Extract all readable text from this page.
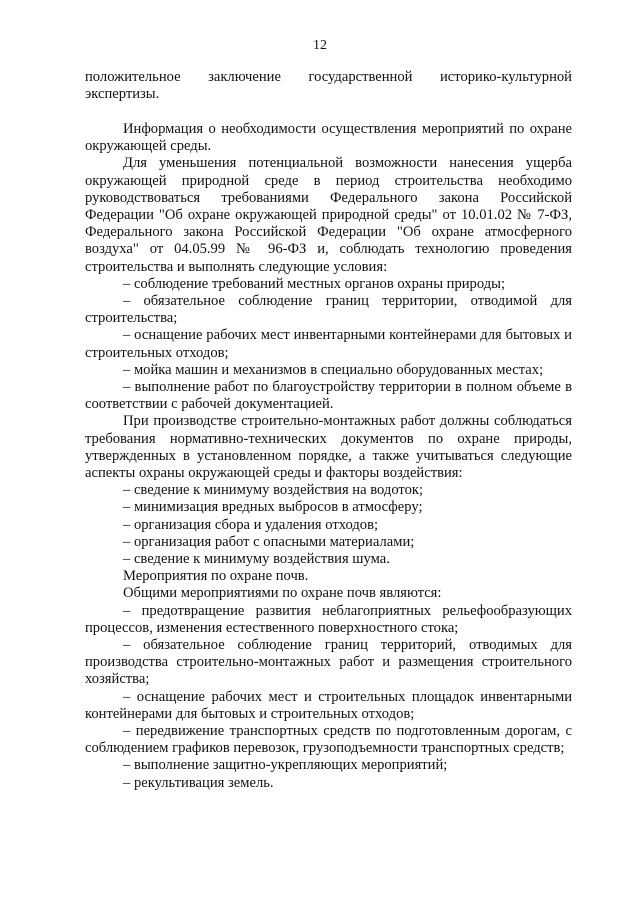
12

положительное заключение государственной историко-культурной экспертизы.

Информация о необходимости осуществления мероприятий по охране окружающей среды.

Для уменьшения потенциальной возможности нанесения ущерба окружающей природной среде в период строительства необходимо руководствоваться требованиями Федерального закона Российской Федерации "Об охране окружающей природной среды" от 10.01.02 № 7-ФЗ, Федерального закона Российской Федерации "Об охране атмосферного воздуха" от 04.05.99 № 96-ФЗ и, соблюдать технологию проведения строительства и выполнять следующие условия:

– соблюдение требований местных органов охраны природы;

– обязательное соблюдение границ территории, отводимой для строительства;

– оснащение рабочих мест инвентарными контейнерами для бытовых и строительных отходов;

– мойка машин и механизмов в специально оборудованных местах;

– выполнение работ по благоустройству территории в полном объеме в соответствии с рабочей документацией.

При производстве строительно-монтажных работ должны соблюдаться требования нормативно-технических документов по охране природы, утвержденных в установленном порядке, а также учитываться следующие аспекты охраны окружающей среды и факторы воздействия:

– сведение к минимуму воздействия на водоток;

– минимизация вредных выбросов в атмосферу;

– организация сбора и удаления отходов;

– организация работ с опасными материалами;

– сведение к минимуму воздействия шума.

Мероприятия по охране почв.

Общими мероприятиями по охране почв являются:

– предотвращение развития неблагоприятных рельефообразующих процессов, изменения естественного поверхностного стока;

– обязательное соблюдение границ территорий, отводимых для производства строительно-монтажных работ и размещения строительного хозяйства;

– оснащение рабочих мест и строительных площадок инвентарными контейнерами для бытовых и строительных отходов;

– передвижение транспортных средств по подготовленным дорогам, с соблюдением графиков перевозок, грузоподъемности транспортных средств;

– выполнение защитно-укрепляющих мероприятий;

– рекультивация земель.
